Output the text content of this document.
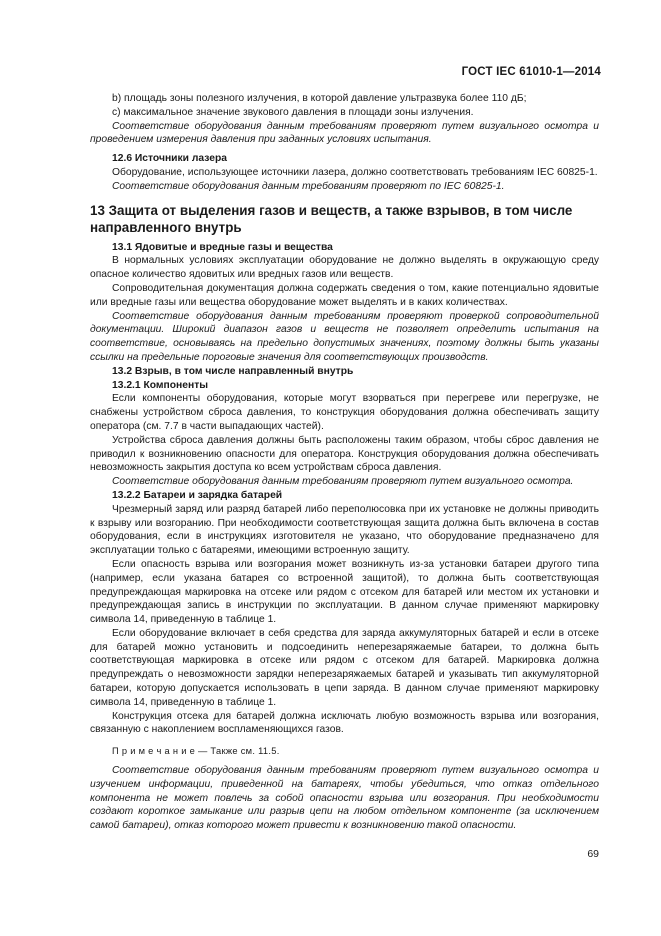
ГОСТ IEC 61010-1—2014

b) площадь зоны полезного излучения, в которой давление ультразвука более 110 дБ;

c) максимальное значение звукового давления в площади зоны излучения.

Соответствие оборудования данным требованиям проверяют путем визуального осмотра и проведением измерения давления при заданных условиях испытания.

12.6 Источники лазера

Оборудование, использующее источники лазера, должно соответствовать требованиям IEC 60825-1.

Соответствие оборудования данным требованиям проверяют по IEC 60825-1.

13 Защита от выделения газов и веществ, а также взрывов, в том числе направленного внутрь

13.1 Ядовитые и вредные газы и вещества

В нормальных условиях эксплуатации оборудование не должно выделять в окружающую среду опасное количество ядовитых или вредных газов или веществ.

Сопроводительная документация должна содержать сведения о том, какие потенциально ядовитые или вредные газы или вещества оборудование может выделять и в каких количествах.

Соответствие оборудования данным требованиям проверяют проверкой сопроводительной документации. Широкий диапазон газов и веществ не позволяет определить испытания на соответствие, основываясь на предельно допустимых значениях, поэтому должны быть указаны ссылки на предельные пороговые значения для соответствующих производств.

13.2 Взрыв, в том числе направленный внутрь

13.2.1 Компоненты

Если компоненты оборудования, которые могут взорваться при перегреве или перегрузке, не снабжены устройством сброса давления, то конструкция оборудования должна обеспечивать защиту оператора (см. 7.7 в части выпадающих частей).

Устройства сброса давления должны быть расположены таким образом, чтобы сброс давления не приводил к возникновению опасности для оператора. Конструкция оборудования должна обеспечивать невозможность закрытия доступа ко всем устройствам сброса давления.

Соответствие оборудования данным требованиям проверяют путем визуального осмотра.

13.2.2 Батареи и зарядка батарей

Чрезмерный заряд или разряд батарей либо переполюсовка при их установке не должны приводить к взрыву или возгоранию. При необходимости соответствующая защита должна быть включена в состав оборудования, если в инструкциях изготовителя не указано, что оборудование предназначено для эксплуатации только с батареями, имеющими встроенную защиту.

Если опасность взрыва или возгорания может возникнуть из-за установки батареи другого типа (например, если указана батарея со встроенной защитой), то должна быть соответствующая предупреждающая маркировка на отсеке или рядом с отсеком для батарей или местом их установки и предупреждающая запись в инструкции по эксплуатации. В данном случае применяют маркировку символа 14, приведенную в таблице 1.

Если оборудование включает в себя средства для заряда аккумуляторных батарей и если в отсеке для батарей можно установить и подсоединить неперезаряжаемые батареи, то должна быть соответствующая маркировка в отсеке или рядом с отсеком для батарей. Маркировка должна предупреждать о невозможности зарядки неперезаряжаемых батарей и указывать тип аккумуляторной батареи, которую допускается использовать в цепи заряда. В данном случае применяют маркировку символа 14, приведенную в таблице 1.

Конструкция отсека для батарей должна исключать любую возможность взрыва или возгорания, связанную с накоплением воспламеняющихся газов.

П р и м е ч а н и е — Также см. 11.5.

Соответствие оборудования данным требованиям проверяют путем визуального осмотра и изучением информации, приведенной на батареях, чтобы убедиться, что отказ отдельного компонента не может повлечь за собой опасности взрыва или возгорания. При необходимости создают короткое замыкание или разрыв цепи на любом отдельном компоненте (за исключением самой батареи), отказ которого может привести к возникновению такой опасности.

69
